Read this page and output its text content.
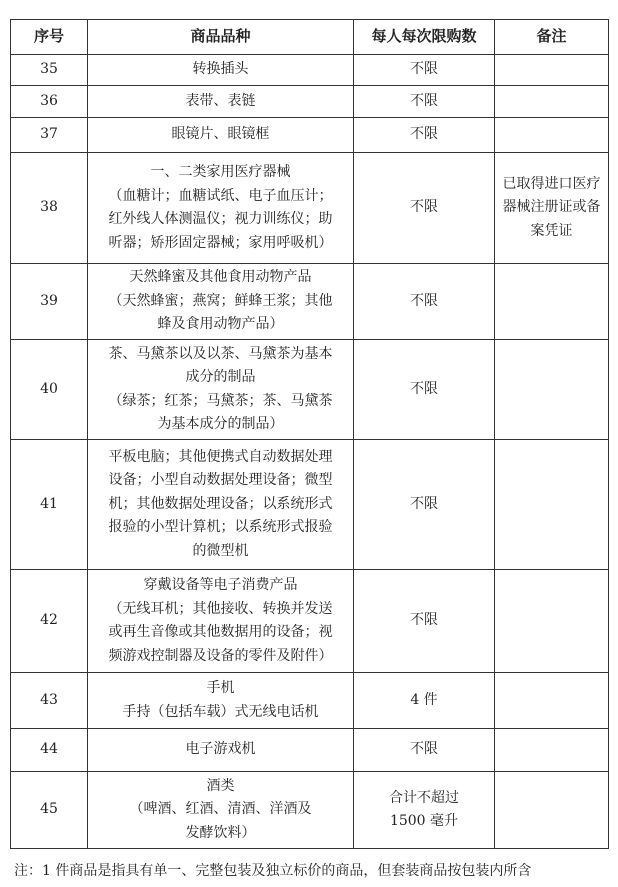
序号	商品品种	每人每次限购数	备注
35	转换插头	不限	
36	表带、表链	不限	
37	眼镜片、眼镜框	不限	
38	一、二类家用医疗器械
（血糖计；血糖试纸、电子血压计；
红外线人体测温仪；视力训练仪；助
听器；矫形固定器械；家用呼吸机）	不限	已取得进口医疗
器械注册证或备
案凭证
39	天然蜂蜜及其他食用动物产品
（天然蜂蜜；燕窝；鲜蜂王浆；其他
蜂及食用动物产品）	不限	
40	茶、马黛茶以及以茶、马黛茶为基本
成分的制品
（绿茶；红茶；马黛茶；茶、马黛茶
为基本成分的制品）	不限	
41	平板电脑；其他便携式自动数据处理
设备；小型自动数据处理设备；微型
机；其他数据处理设备；以系统形式
报验的小型计算机；以系统形式报验
的微型机	不限	
42	穿戴设备等电子消费产品
（无线耳机；其他接收、转换并发送
或再生音像或其他数据用的设备；视
频游戏控制器及设备的零件及附件）	不限	
43	手机
手持（包括车载）式无线电话机	4 件	
44	电子游戏机	不限	
45	酒类
（啤酒、红酒、清酒、洋酒及
发酵饮料）	合计不超过
1500 毫升	
注：1 件商品是指具有单一、完整包装及独立标价的商品，但套装商品按包装内所含
